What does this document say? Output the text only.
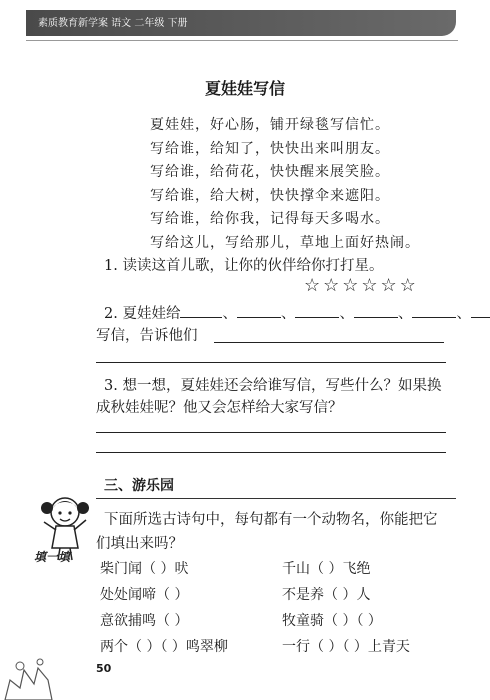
素质教育新学案 语文 二年级 下册
夏娃娃写信
夏娃娃，好心肠，铺开绿毯写信忙。
写给谁，给知了，快快出来叫朋友。
写给谁，给荷花，快快醒来展笑脸。
写给谁，给大树，快快撑伞来遮阳。
写给谁，给你我，记得每天多喝水。
写给这儿，写给那儿，草地上面好热闹。
1. 读读这首儿歌，让你的伙伴给你打打星。
☆☆☆☆☆☆
2. 夏娃娃给	、	、	、	、	、
写信，告诉他们
3. 想一想，夏娃娃还会给谁写信，写些什么？如果换
成秋娃娃呢？他又会怎样给大家写信？
三、游乐园
填一填
下面所选古诗句中，每句都有一个动物名，你能把它
们填出来吗？
柴门闻（ ）吠	千山（ ）飞绝
处处闻啼（ ）	不是养（ ）人
意欲捕鸣（ ）	牧童骑（ ）（ ）
两个（ ）（ ）鸣翠柳	一行（ ）（ ）上青天
50
